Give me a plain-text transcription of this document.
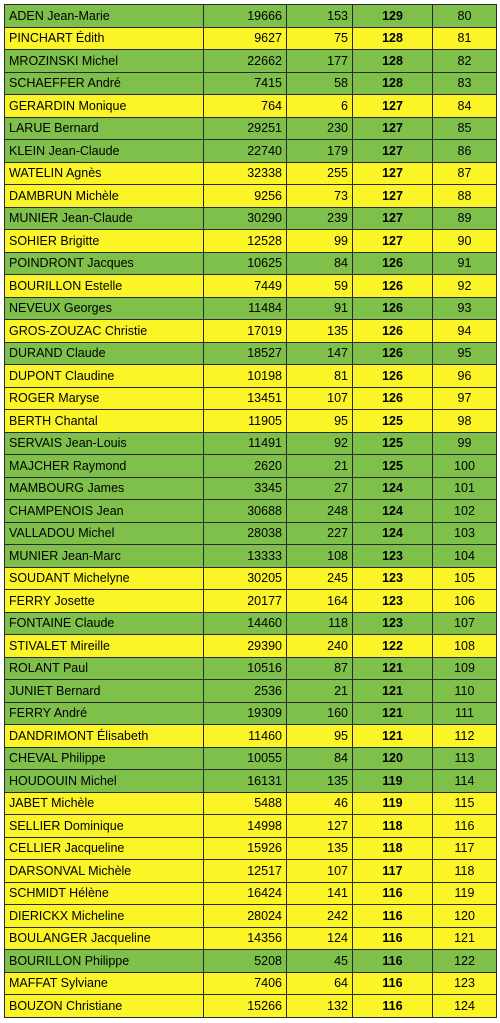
ADEN Jean-Marie	19666	153	129	80
PINCHART Édith	9627	75	128	81
MROZINSKI Michel	22662	177	128	82
SCHAEFFER André	7415	58	128	83
GERARDIN Monique	764	6	127	84
LARUE Bernard	29251	230	127	85
KLEIN Jean-Claude	22740	179	127	86
WATELIN Agnès	32338	255	127	87
DAMBRUN Michèle	9256	73	127	88
MUNIER Jean-Claude	30290	239	127	89
SOHIER Brigitte	12528	99	127	90
POINDRONT Jacques	10625	84	126	91
BOURILLON Estelle	7449	59	126	92
NEVEUX Georges	11484	91	126	93
GROS-ZOUZAC Christie	17019	135	126	94
DURAND Claude	18527	147	126	95
DUPONT Claudine	10198	81	126	96
ROGER Maryse	13451	107	126	97
BERTH Chantal	11905	95	125	98
SERVAIS Jean-Louis	11491	92	125	99
MAJCHER Raymond	2620	21	125	100
MAMBOURG James	3345	27	124	101
CHAMPENOIS Jean	30688	248	124	102
VALLADOU Michel	28038	227	124	103
MUNIER Jean-Marc	13333	108	123	104
SOUDANT Michelyne	30205	245	123	105
FERRY Josette	20177	164	123	106
FONTAINE Claude	14460	118	123	107
STIVALET Mireille	29390	240	122	108
ROLANT Paul	10516	87	121	109
JUNIET Bernard	2536	21	121	110
FERRY André	19309	160	121	111
DANDRIMONT Élisabeth	11460	95	121	112
CHEVAL Philippe	10055	84	120	113
HOUDOUIN Michel	16131	135	119	114
JABET Michèle	5488	46	119	115
SELLIER Dominique	14998	127	118	116
CELLIER Jacqueline	15926	135	118	117
DARSONVAL Michèle	12517	107	117	118
SCHMIDT Hélène	16424	141	116	119
DIERICKX Micheline	28024	242	116	120
BOULANGER Jacqueline	14356	124	116	121
BOURILLON Philippe	5208	45	116	122
MAFFAT Sylviane	7406	64	116	123
BOUZON Christiane	15266	132	116	124
